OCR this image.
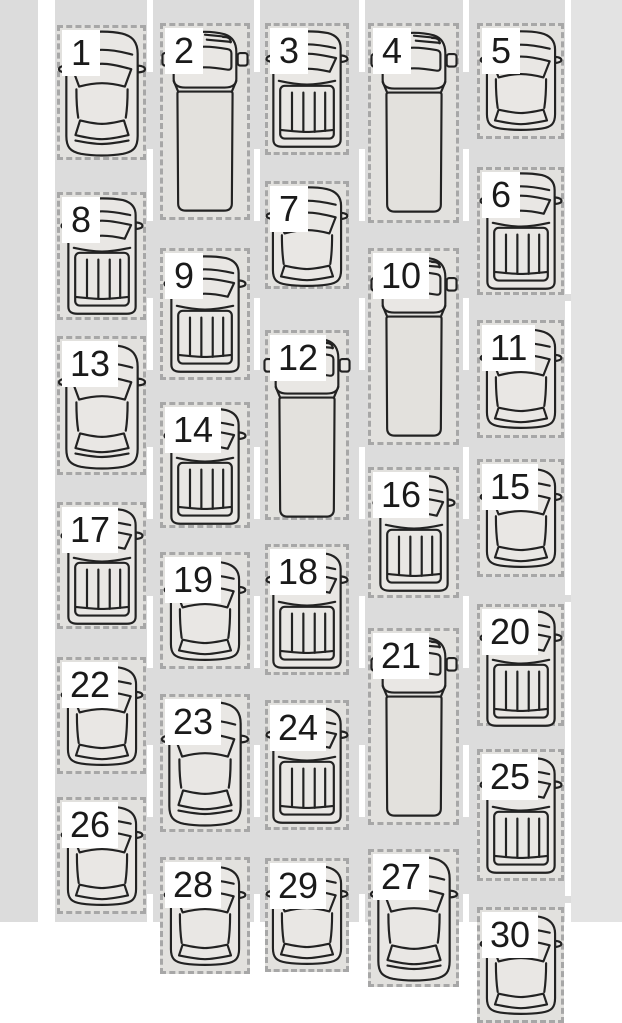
1 2 3 4 5
6
7
8
9	10
11
12
13
14
15
16
17
18
19
20
21
22
23 24
25
26
27
28 29
30
